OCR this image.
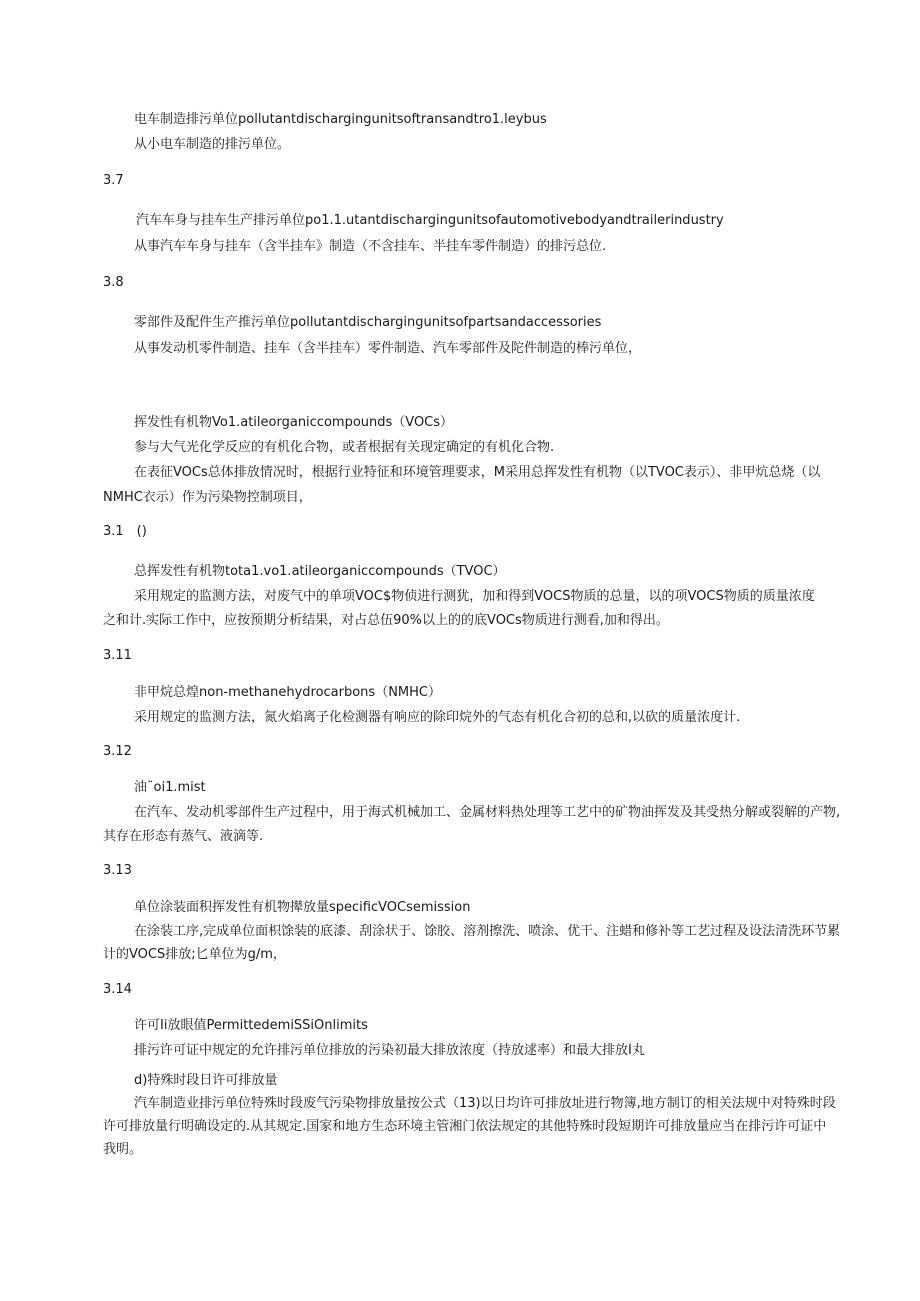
电车制造排污单位pollutantdischargingunitsoftransandtro1.leybus
从小电车制造的排污单位。
3.7
汽车车身与挂车生产排污单位po1.1.utantdischargingunitsofautomotivebodyandtrailerindustry
从事汽车车身与挂车（含半挂车》制造（不含挂车、半挂车零件制造）的排污总位.
3.8
零部件及配件生产推污单位pollutantdischargingunitsofpartsandaccessories
从事发动机零件制造、挂车（含半挂车）零件制造、汽车零部件及陀件制造的棒污单位，
挥发性有机物Vo1.atileorganiccompounds（VOCs）
参与大气光化学反应的有机化合物，或者根据有关现定确定的有机化合物.
在表征VOCs总体排放情况时，根据行业特征和环境管理要求，M采用总挥发性有机物（以TVOC表示）、非甲炕总烧（以
NMHC衣示）作为污染物控制项目，
3.1　()
总挥发性有机物tota1.vo1.atileorganiccompounds（TVOC）
采用规定的监测方法，对废气中的单项VOC$物侦进行测犹，加和得到VOCS物质的总量，以的项VOCS物质的质量浓度
之和计.实际工作中，应按预期分析结果，对占总伍90%以上的的底VOCs物质进行测看,加和得出。
3.11
非甲烷总煌non-methanehydrocarbons（NMHC）
采用规定的监测方法，氮火焰离子化检测器有响应的除印烷外的气态有机化合初的总和,以砍的质量浓度计.
3.12
油¨oi1.mist
在汽车、发动机零部件生产过程中，用于海式机械加工、金属材料热处理等工艺中的矿物油挥发及其受热分解或裂解的产物,
其存在形态有蒸气、液滴等.
3.13
单位涂装面积挥发性有机物撵放量specificVOCsemission
在涂装工序,完成单位面枳馀装的底漆、刮涂状于、馀胶、溶剂擦洗、喷涂、优干、注蜡和修补等工艺过程及设法清洗环节累
计的VOCS排放;匕单位为g/m，
3.14
许可Ii放眼值PermittedemiSSiOnlimits
排污许可证中规定的允许排污单位排放的污染初最大排放浓度（持放逑率）和最大排放I丸
d)特殊时段日许可排放量
汽车制造业排污单位特殊时段废气污染物排放量按公式（13)以日均许可排放址进行物簿,地方制订的相关法规中对特殊时段
许可排放量行明确设定的.从其规定.国家和地方生态环境主管湘门依法规定的其他特殊时段短期许可排放量应当在排污许可证中
我明。
